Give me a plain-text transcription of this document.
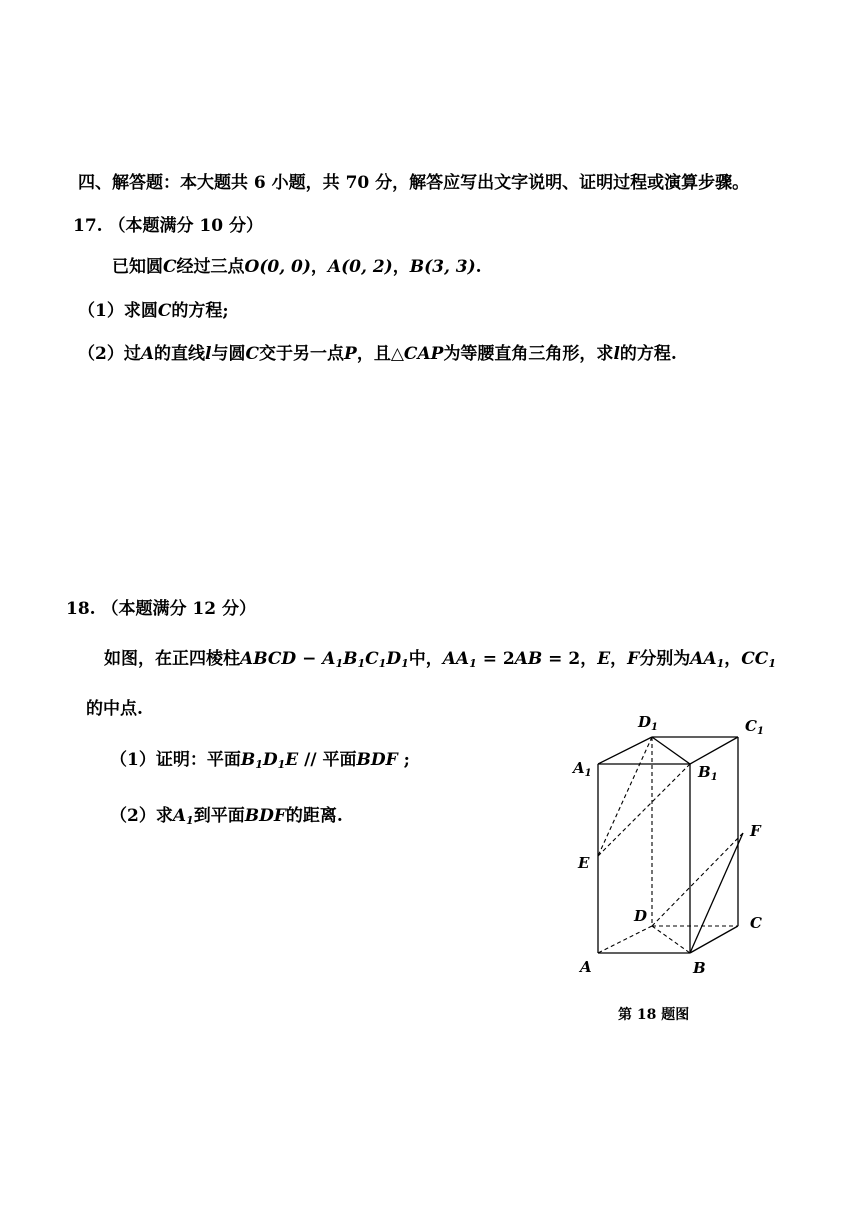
四、解答题：本大题共 6 小题，共 70 分，解答应写出文字说明、证明过程或演算步骤。
17. （本题满分 10 分）
已知圆C经过三点O(0, 0)，A(0, 2)，B(3, 3).
（1）求圆C的方程;
（2）过A的直线l与圆C交于另一点P，且△CAP为等腰直角三角形，求l的方程.
18. （本题满分 12 分）
如图，在正四棱柱ABCD − $A_1B_1C_1D_1$中，$AA_1 = 2AB = 2$，E，F分别为$AA_1$，$CC_1$
的中点.
（1）证明：平面$B_1D_1E$ // 平面BDF ;
（2）求$A_1$到平面BDF的距离.
$D_1$	$C_1$
$A_1$	$B_1$
F
E
D	C
A	B
第 18 题图
